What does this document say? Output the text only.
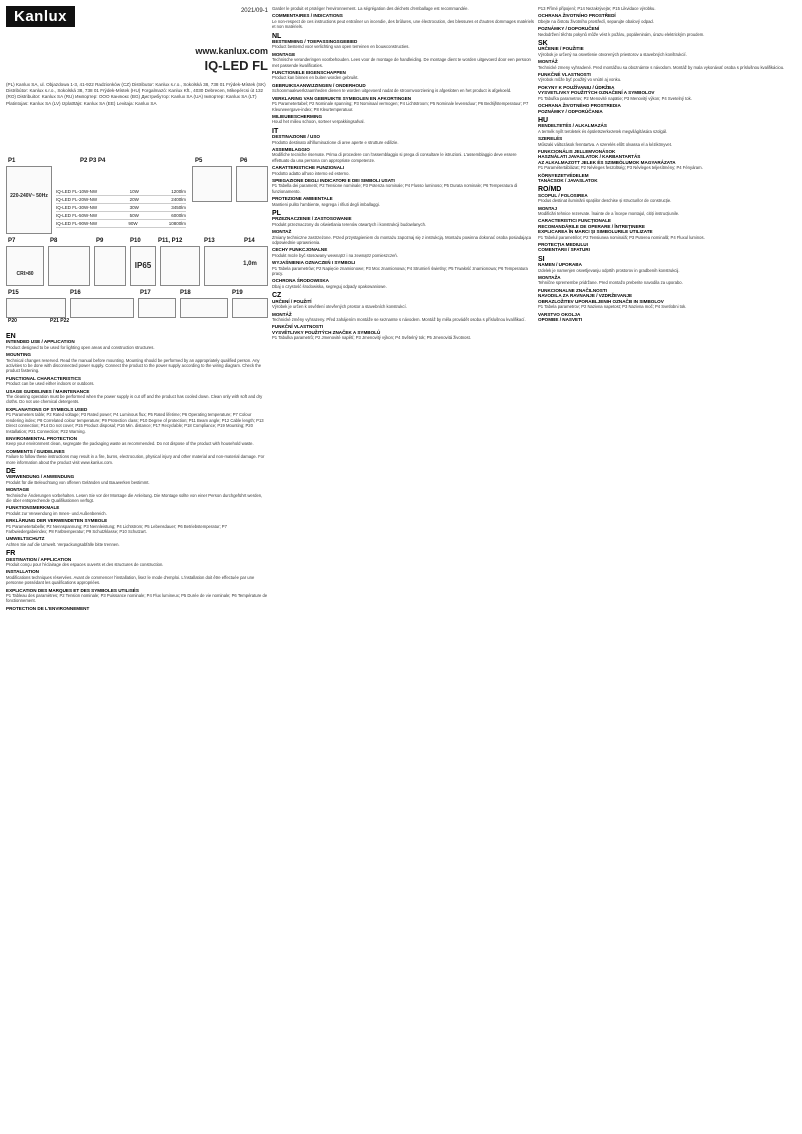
Kanlux	2021/09-1
www.kanlux.com
IQ-LED FL
(PL) Kanlux SA, ul. Objazdowa 1-3, 41-922 Radzionków (CZ) Distributor: Kanlux s.r.o., Sokolská 38, 738 01 Frýdek-Místek (SK) Distribútor: Kanlux s.r.o., Sokolská 38, 738 01 Frýdek-Místek (HU) Forgalmazó: Kanlux Kft., 4030 Debrecen, Mikepércsi út 132 (RO) Distribuitor: Kanlux SA (RU) Импортер: ООО Канлюкс (BG) Дистрибутор: Kanlux SA (UA) Імпортер: Kanlux SA (LT) Platintojas: Kanlux SA (LV) Izplatītājs: Kanlux SA (EE) Levitaja: Kanlux SA
P1	P2 P3 P4	P5	P6
220-240V~ 50Hz
IQ-LED FL-10W-NW	10W	1200lm
IQ-LED FL-20W-NW	20W	2400lm
IQ-LED FL-30W-NW	30W	3450lm
IQ-LED FL-50W-NW	50W	6000lm
IQ-LED FL-90W-NW	90W	10800lm
P7	P8	P9	P10	P11, P12	P13	P14
CRI>80
IP65	1,0m
P15	P16	P17	P18	P19
P20	P21 P22
EN
INTENDED USE / APPLICATION
Product designed to be used for lighting open areas and construction structures.
MOUNTING
Technical changes reserved. Read the manual before mounting. Mounting should be performed by an appropriately qualified person. Any activities to be done with disconnected power supply. Connect the product to the power supply according to the wiring diagram. Check the product fastening.
FUNCTIONAL CHARACTERISTICS
Product can be used either indoors or outdoors.
USAGE GUIDELINES / MAINTENANCE
The cleaning operation must be performed when the power supply is cut off and the product has cooled down. Clean only with soft and dry cloths. Do not use chemical detergents.
EXPLANATIONS OF SYMBOLS USED
P1 Parameters table; P2 Rated voltage; P3 Rated power; P4 Luminous flux; P5 Rated lifetime; P6 Operating temperature; P7 Colour rendering index; P8 Correlated colour temperature; P9 Protection class; P10 Degree of protection; P11 Beam angle; P12 Cable length; P13 Direct connection; P14 Do not cover; P15 Product disposal; P16 Min. distance; P17 Recyclable; P18 Compliance; P19 Mounting; P20 Installation; P21 Connection; P22 Warning.
ENVIRONMENTAL PROTECTION
Keep your environment clean, segregate the packaging waste as recommended. Do not dispose of the product with household waste.
COMMENTS / GUIDELINES
Failure to follow these instructions may result in a fire, burns, electrocution, physical injury and other material and non-material damage. For more information about the product visit www.kanlux.com.
DE
VERWENDUNG / ANWENDUNG
Produkt für die Beleuchtung von offenen Geländen und Bauwerken bestimmt.
MONTAGE
Technische Änderungen vorbehalten. Lesen Sie vor der Montage die Anleitung. Die Montage sollte von einer Person durchgeführt werden, die über entsprechende Qualifikationen verfügt.
FUNKTIONSMERKMALE
Produkt zur Verwendung im Innen- und Außenbereich.
ERKLÄRUNG DER VERWENDETEN SYMBOLE
P1 Parametertabelle; P2 Nennspannung; P3 Nennleistung; P4 Lichtstrom; P5 Lebensdauer; P6 Betriebstemperatur; P7 Farbwiedergabeindex; P8 Farbtemperatur; P9 Schutzklasse; P10 Schutzart.
UMWELTSCHUTZ
Achten Sie auf die Umwelt. Verpackungsabfälle bitte trennen.
FR
DESTINATION / APPLICATION
Produit conçu pour l'éclairage des espaces ouverts et des structures de construction.
INSTALLATION
Modifications techniques réservées. Avant de commencer l'installation, lisez le mode d'emploi. L'installation doit être effectuée par une personne possédant les qualifications appropriées.
EXPLICATION DES MARQUES ET DES SYMBOLES UTILISÉS
P1 Tableau des paramètres; P2 Tension nominale; P3 Puissance nominale; P4 Flux lumineux; P5 Durée de vie nominale; P6 Température de fonctionnement.
PROTECTION DE L'ENVIRONNEMENT
Garder le produit et protéger l'environnement. La ségrégation des déchets d'emballage est recommandée.
COMMENTAIRES / INDICATIONS
Le non-respect de ces instructions peut entraîner un incendie, des brûlures, une électrocution, des blessures et d'autres dommages matériels et non matériels.
NL
BESTEMMING / TOEPASSINGSGEBIED
Product bestemd voor verlichting van open terreinen en bouwconstructies.
MONTAGE
Technische veranderingen voorbehouden. Lees voor de montage de handleiding. De montage dient te worden uitgevoerd door een persoon met passende kwalificaties.
FUNCTIONELE EIGENSCHAPPEN
Product kan binnen en buiten worden gebruikt.
GEBRUIKSAANWIJZINGEN / ONDERHOUD
Schoonmaakwerkzaamheden dienen te worden uitgevoerd nadat de stroomvoorziening is afgesloten en het product is afgekoeld.
VERKLARING VAN GEBRUIKTE SYMBOLEN EN AFKORTINGEN
P1 Parametertabel; P2 Nominale spanning; P3 Nominaal vermogen; P4 Lichtstroom; P5 Nominale levensduur; P6 Bedrijfstemperatuur; P7 Kleurweergave-index; P8 Kleurtemperatuur.
MILIEUBESCHERMING
Houd het milieu schoon, sorteer verpakkingsafval.
IT
DESTINAZIONE / USO
Prodotto destinato all'illuminazione di aree aperte e strutture edilizie.
ASSEMBLAGGIO
Modifiche tecniche riservate. Prima di procedere con l'assemblaggio si prega di consultare le istruzioni. L'assemblaggio deve essere effettuato da una persona con appropriate competenze.
CARATTERISTICHE FUNZIONALI
Prodotto adatto all'uso interno ed esterno.
SPIEGAZIONE DEGLI INDICATORI E DEI SIMBOLI USATI
P1 Tabella dei parametri; P2 Tensione nominale; P3 Potenza nominale; P4 Flusso luminoso; P5 Durata nominale; P6 Temperatura di funzionamento.
PROTEZIONE AMBIENTALE
Mantieni pulito l'ambiente, segrega i rifiuti degli imballaggi.
PL
PRZEZNACZENIE / ZASTOSOWANIE
Produkt przeznaczony do oświetlania terenów otwartych i konstrukcji budowlanych.
MONTAŻ
Zmiany techniczne zastrzeżone. Przed przystąpieniem do montażu zapoznaj się z instrukcją. Montażu powinna dokonać osoba posiadająca odpowiednie uprawnienia.
CECHY FUNKCJONALNE
Produkt może być stosowany wewnątrz i na zewnątrz pomieszczeń.
WYJAŚNIENIA OZNACZEŃ I SYMBOLI
P1 Tabela parametrów; P2 Napięcie znamionowe; P3 Moc znamionowa; P4 Strumień świetlny; P5 Trwałość znamionowa; P6 Temperatura pracy.
OCHRONA ŚRODOWISKA
Dbaj o czystość środowiska, segreguj odpady opakowaniowe.
CZ
URČENÍ / POUŽITÍ
Výrobek je určen k osvětlení otevřených prostor a stavebních konstrukcí.
MONTÁŽ
Technické změny vyhrazeny. Před zahájením montáže se seznamte s návodem. Montáž by měla provádět osoba s příslušnou kvalifikací.
FUNKČNÍ VLASTNOSTI
VYSVĚTLIVKY POUŽITÝCH ZNAČEK A SYMBOLŮ
P1 Tabulka parametrů; P2 Jmenovité napětí; P3 Jmenovitý výkon; P4 Světelný tok; P5 Jmenovitá životnost.
P13 Přímé připojení; P14 Nezakrývejte; P15 Likvidace výrobku.
OCHRANA ŽIVOTNÍHO PROSTŘEDÍ
Dbejte na čistotu životního prostředí, separujte obalový odpad.
POZNÁMKY / DOPORUČENÍ
Nedodržení těchto pokynů může vést k požáru, popáleninám, úrazu elektrickým proudem.
SK
URČENIE / POUŽITIE
Výrobok je určený na osvetlenie otvorených priestorov a stavebných konštrukcií.
MONTÁŽ
Technické zmeny vyhradené. Pred montážou sa oboznámte s návodom. Montáž by mala vykonávať osoba s príslušnou kvalifikáciou.
FUNKČNÉ VLASTNOSTI
Výrobok môže byť použitý vo vnútri aj vonku.
POKYNY K POUŽÍVANIU / ÚDRŽBA
VYSVETLIVKY POUŽITÝCH OZNAČENÍ A SYMBOLOV
P1 Tabuľka parametrov; P2 Menovité napätie; P3 Menovitý výkon; P4 Svetelný tok.
OCHRANA ŽIVOTNÉHO PROSTREDIA
POZNÁMKY / ODPORÚČANIA
HU
RENDELTETÉS / ALKALMAZÁS
A termék nyílt területek és épületszerkezetek megvilágítására szolgál.
SZERELÉS
Műszaki változások fenntartva. A szerelés előtt olvassa el a kézikönyvet.
FUNKCIONÁLIS JELLEMVONÁSOK
HASZNÁLATI JAVASLATOK / KARBANTARTÁS
AZ ALKALMAZOTT JELEK ÉS SZIMBÓLUMOK MAGYARÁZATA
P1 Paramétertáblázat; P2 Névleges feszültség; P3 Névleges teljesítmény; P4 Fényáram.
KÖRNYEZETVÉDELEM
TANÁCSOK / JAVASLATOK
RO/MD
SCOPUL / FOLOSIREA
Produs destinat iluminării spațiilor deschise și structurilor de construcție.
MONTAJ
Modificări tehnice rezervate. Înainte de a începe montajul, citiți instrucțiunile.
CARACTERISTICI FUNCȚIONALE
RECOMANDĂRILE DE OPERARE / ÎNTREȚINERE
EXPLICAREA ÎN MARCI ȘI SIMBOLURILE UTILIZATE
P1 Tabelul parametrilor; P2 Tensiunea nominală; P3 Puterea nominală; P4 Fluxul luminos.
PROTECȚIA MEDIULUI
COMENTARII / SFATURI
SI
NAMEN / UPORABA
Izdelek je namenjen osvetljevanju odprtih prostorov in gradbenih konstrukcij.
MONTAŽA
Tehnične spremembe pridržane. Pred montažo preberite navodila za uporabo.
FUNKCIONALNE ZNAČILNOSTI
NAVODILA ZA RAVNANJE / VZDRŽEVANJE
OBRAZLOŽITEV UPORABLJENIH OZNAČB IN SIMBOLOV
P1 Tabela parametrov; P2 Nazivna napetost; P3 Nazivna moč; P4 Svetlobni tok.
VARSTVO OKOLJA
OPOMBE / NASVETI
